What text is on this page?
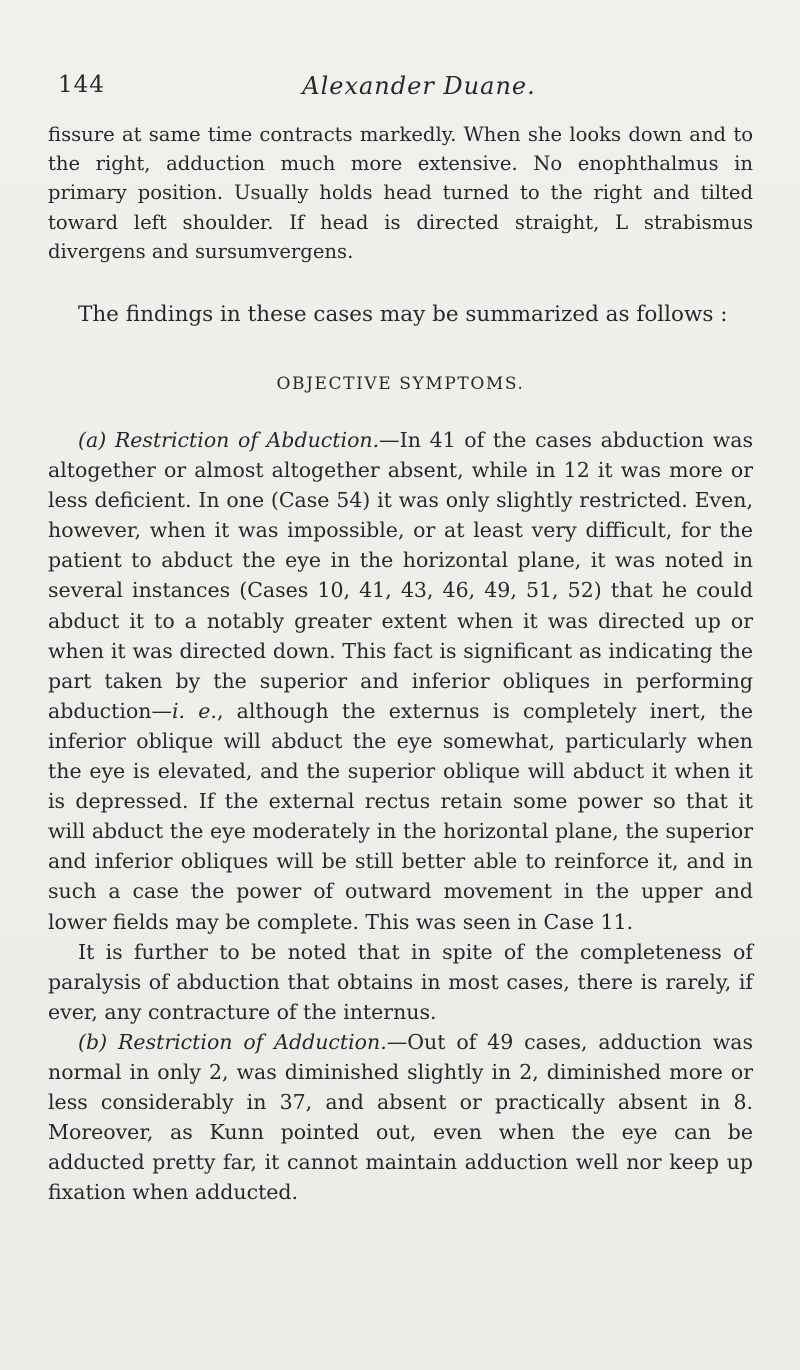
144	Alexander Duane.

fissure at same time contracts markedly. When she looks down and to the right, adduction much more extensive. No enophthalmus in primary position. Usually holds head turned to the right and tilted toward left shoulder. If head is directed straight, L strabismus divergens and sursumvergens.

The findings in these cases may be summarized as follows :

OBJECTIVE SYMPTOMS.

(a) Restriction of Abduction.—In 41 of the cases abduction was altogether or almost altogether absent, while in 12 it was more or less deficient. In one (Case 54) it was only slightly restricted. Even, however, when it was impossible, or at least very difficult, for the patient to abduct the eye in the horizontal plane, it was noted in several instances (Cases 10, 41, 43, 46, 49, 51, 52) that he could abduct it to a notably greater extent when it was directed up or when it was directed down. This fact is significant as indicating the part taken by the superior and inferior obliques in performing abduction—i. e., although the externus is completely inert, the inferior oblique will abduct the eye somewhat, particularly when the eye is elevated, and the superior oblique will abduct it when it is depressed. If the external rectus retain some power so that it will abduct the eye moderately in the horizontal plane, the superior and inferior obliques will be still better able to reinforce it, and in such a case the power of outward movement in the upper and lower fields may be complete. This was seen in Case 11.

It is further to be noted that in spite of the completeness of paralysis of abduction that obtains in most cases, there is rarely, if ever, any contracture of the internus.

(b) Restriction of Adduction.—Out of 49 cases, adduction was normal in only 2, was diminished slightly in 2, diminished more or less considerably in 37, and absent or practically absent in 8. Moreover, as Kunn pointed out, even when the eye can be adducted pretty far, it cannot maintain adduction well nor keep up fixation when adducted.
